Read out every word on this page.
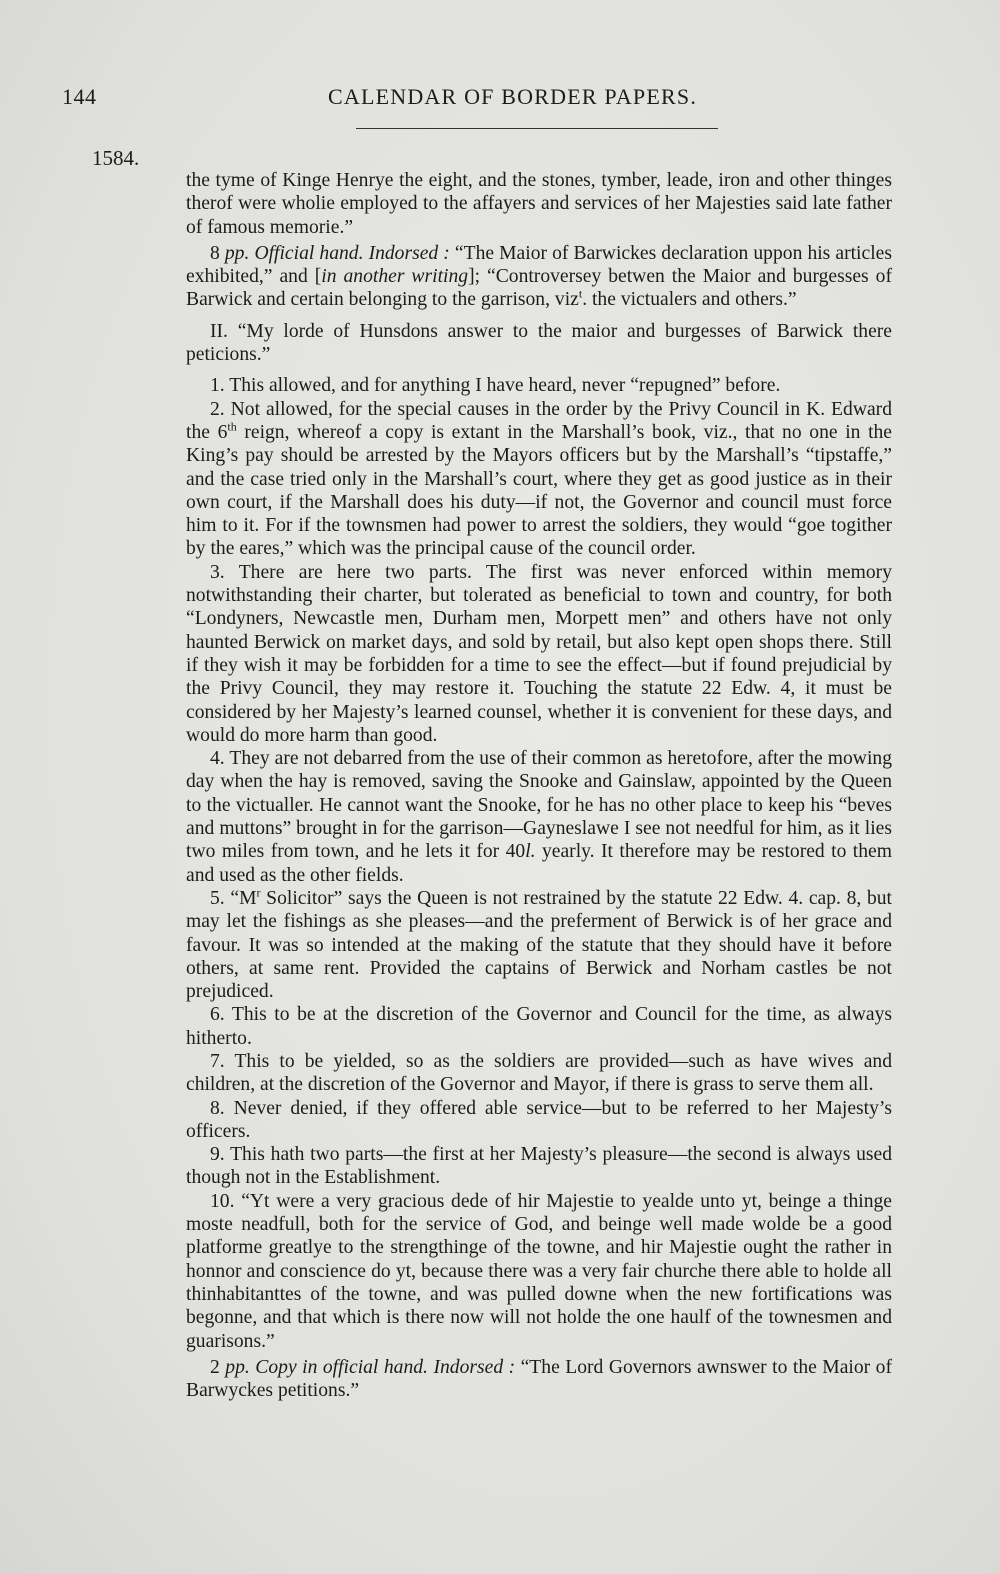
144	CALENDAR OF BORDER PAPERS.
1584.

the tyme of Kinge Henrye the eight, and the stones, tymber, leade, iron and other thinges therof were wholie employed to the affayers and services of her Majesties said late father of famous memorie.”

8 pp. Official hand. Indorsed : “The Maior of Barwickes declaration uppon his articles exhibited,” and [in another writing]; “Controversey betwen the Maior and burgesses of Barwick and certain belonging to the garrison, viz$^t$. the victualers and others.”

II. “My lorde of Hunsdons answer to the maior and burgesses of Barwick there peticions.”

1. This allowed, and for anything I have heard, never “repugned” before.

2. Not allowed, for the special causes in the order by the Privy Council in K. Edward the 6th reign, whereof a copy is extant in the Marshall’s book, viz., that no one in the King’s pay should be arrested by the Mayors officers but by the Marshall’s “tipstaffe,” and the case tried only in the Marshall’s court, where they get as good justice as in their own court, if the Marshall does his duty—if not, the Governor and council must force him to it. For if the townsmen had power to arrest the soldiers, they would “goe togither by the eares,” which was the principal cause of the council order.

3. There are here two parts. The first was never enforced within memory notwithstanding their charter, but tolerated as beneficial to town and country, for both “Londyners, Newcastle men, Durham men, Morpett men” and others have not only haunted Berwick on market days, and sold by retail, but also kept open shops there. Still if they wish it may be forbidden for a time to see the effect—but if found prejudicial by the Privy Council, they may restore it. Touching the statute 22 Edw. 4, it must be considered by her Majesty’s learned counsel, whether it is convenient for these days, and would do more harm than good.

4. They are not debarred from the use of their common as heretofore, after the mowing day when the hay is removed, saving the Snooke and Gainslaw, appointed by the Queen to the victualler. He cannot want the Snooke, for he has no other place to keep his “beves and muttons” brought in for the garrison—Gayneslawe I see not needful for him, as it lies two miles from town, and he lets it for 40l. yearly. It therefore may be restored to them and used as the other fields.

5. “$M^r$ Solicitor” says the Queen is not restrained by the statute 22 Edw. 4. cap. 8, but may let the fishings as she pleases—and the preferment of Berwick is of her grace and favour. It was so intended at the making of the statute that they should have it before others, at same rent. Provided the captains of Berwick and Norham castles be not prejudiced.

6. This to be at the discretion of the Governor and Council for the time, as always hitherto.

7. This to be yielded, so as the soldiers are provided—such as have wives and children, at the discretion of the Governor and Mayor, if there is grass to serve them all.

8. Never denied, if they offered able service—but to be referred to her Majesty’s officers.

9. This hath two parts—the first at her Majesty’s pleasure—the second is always used though not in the Establishment.

10. “Yt were a very gracious dede of hir Majestie to yealde unto yt, beinge a thinge moste neadfull, both for the service of God, and beinge well made wolde be a good platforme greatlye to the strengthinge of the towne, and hir Majestie ought the rather in honnor and conscience do yt, because there was a very fair churche there able to holde all thinhabitanttes of the towne, and was pulled downe when the new fortifications was begonne, and that which is there now will not holde the one haulf of the townesmen and guarisons.”

2 pp. Copy in official hand. Indorsed : “The Lord Governors awnswer to the Maior of Barwyckes petitions.”
